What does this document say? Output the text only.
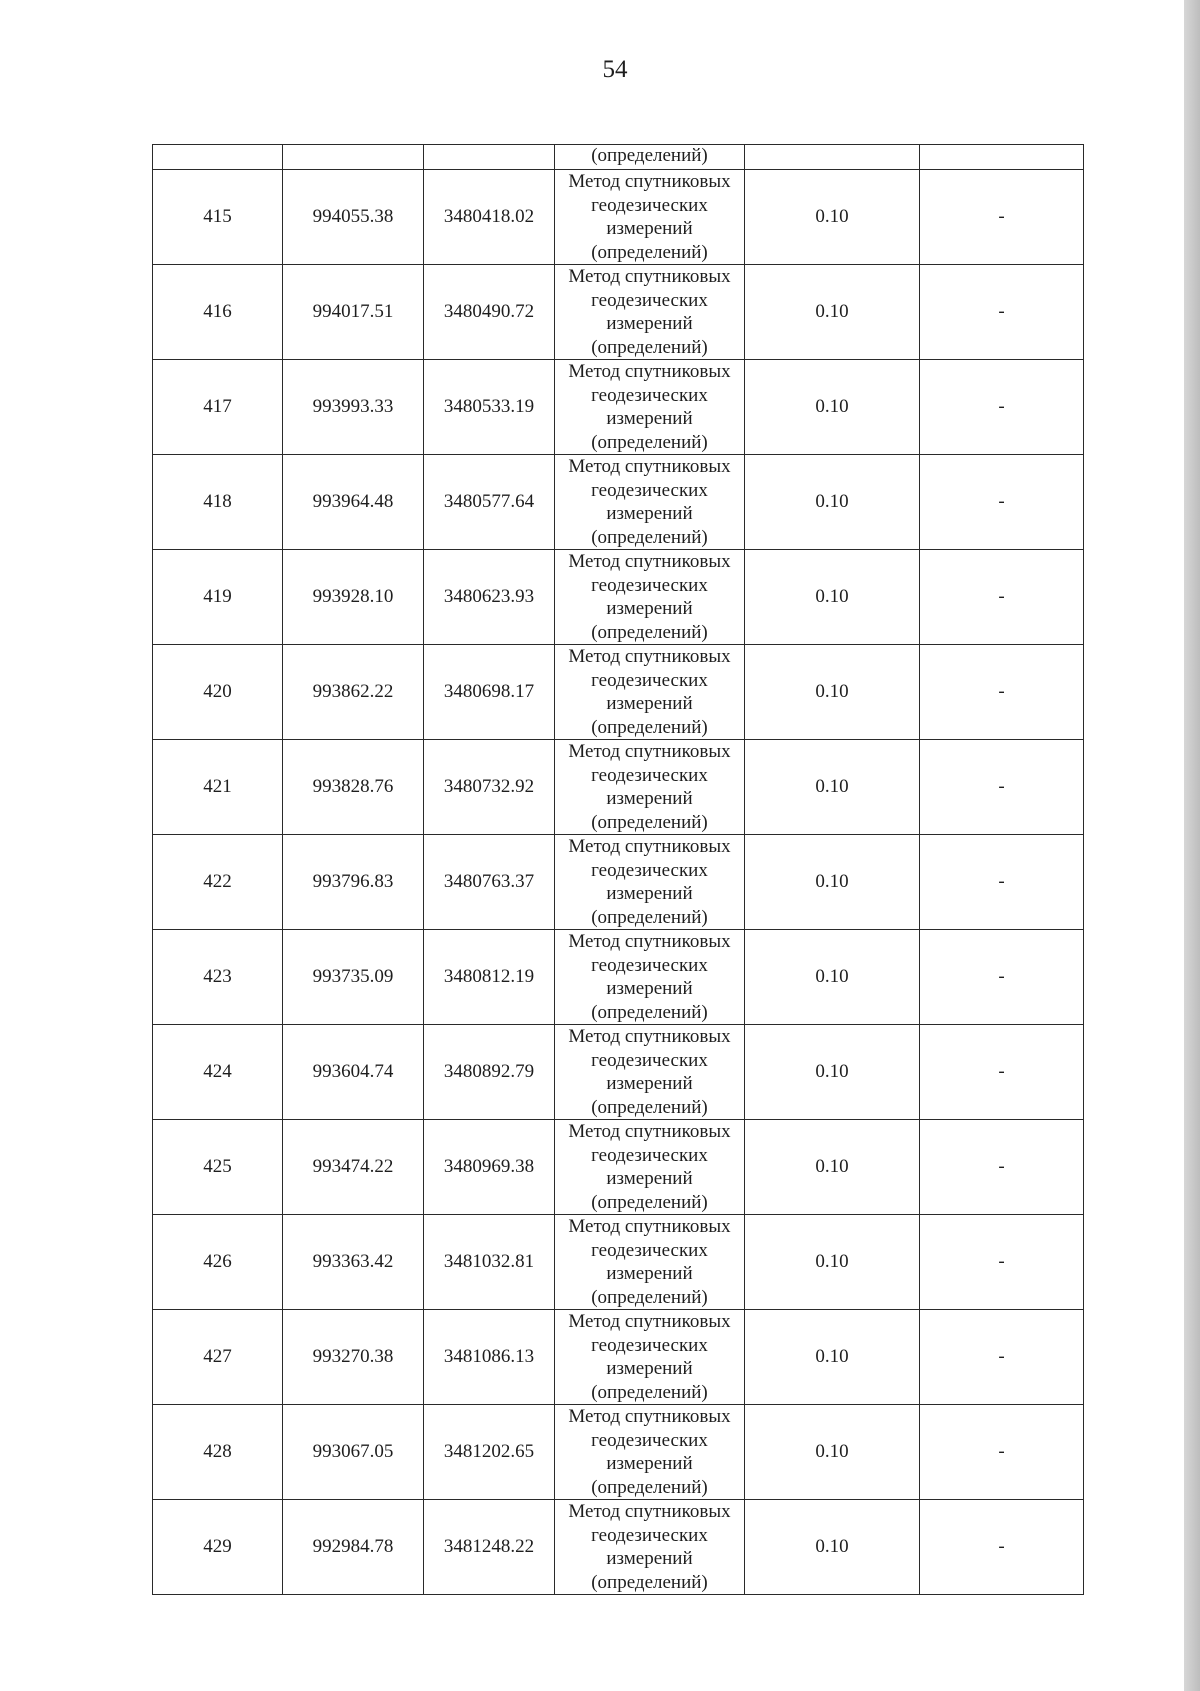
54
			(определений)		
415	994055.38	3480418.02	Метод спутниковых
геодезических
измерений
(определений)	0.10	-
416	994017.51	3480490.72	Метод спутниковых
геодезических
измерений
(определений)	0.10	-
417	993993.33	3480533.19	Метод спутниковых
геодезических
измерений
(определений)	0.10	-
418	993964.48	3480577.64	Метод спутниковых
геодезических
измерений
(определений)	0.10	-
419	993928.10	3480623.93	Метод спутниковых
геодезических
измерений
(определений)	0.10	-
420	993862.22	3480698.17	Метод спутниковых
геодезических
измерений
(определений)	0.10	-
421	993828.76	3480732.92	Метод спутниковых
геодезических
измерений
(определений)	0.10	-
422	993796.83	3480763.37	Метод спутниковых
геодезических
измерений
(определений)	0.10	-
423	993735.09	3480812.19	Метод спутниковых
геодезических
измерений
(определений)	0.10	-
424	993604.74	3480892.79	Метод спутниковых
геодезических
измерений
(определений)	0.10	-
425	993474.22	3480969.38	Метод спутниковых
геодезических
измерений
(определений)	0.10	-
426	993363.42	3481032.81	Метод спутниковых
геодезических
измерений
(определений)	0.10	-
427	993270.38	3481086.13	Метод спутниковых
геодезических
измерений
(определений)	0.10	-
428	993067.05	3481202.65	Метод спутниковых
геодезических
измерений
(определений)	0.10	-
429	992984.78	3481248.22	Метод спутниковых
геодезических
измерений
(определений)	0.10	-
